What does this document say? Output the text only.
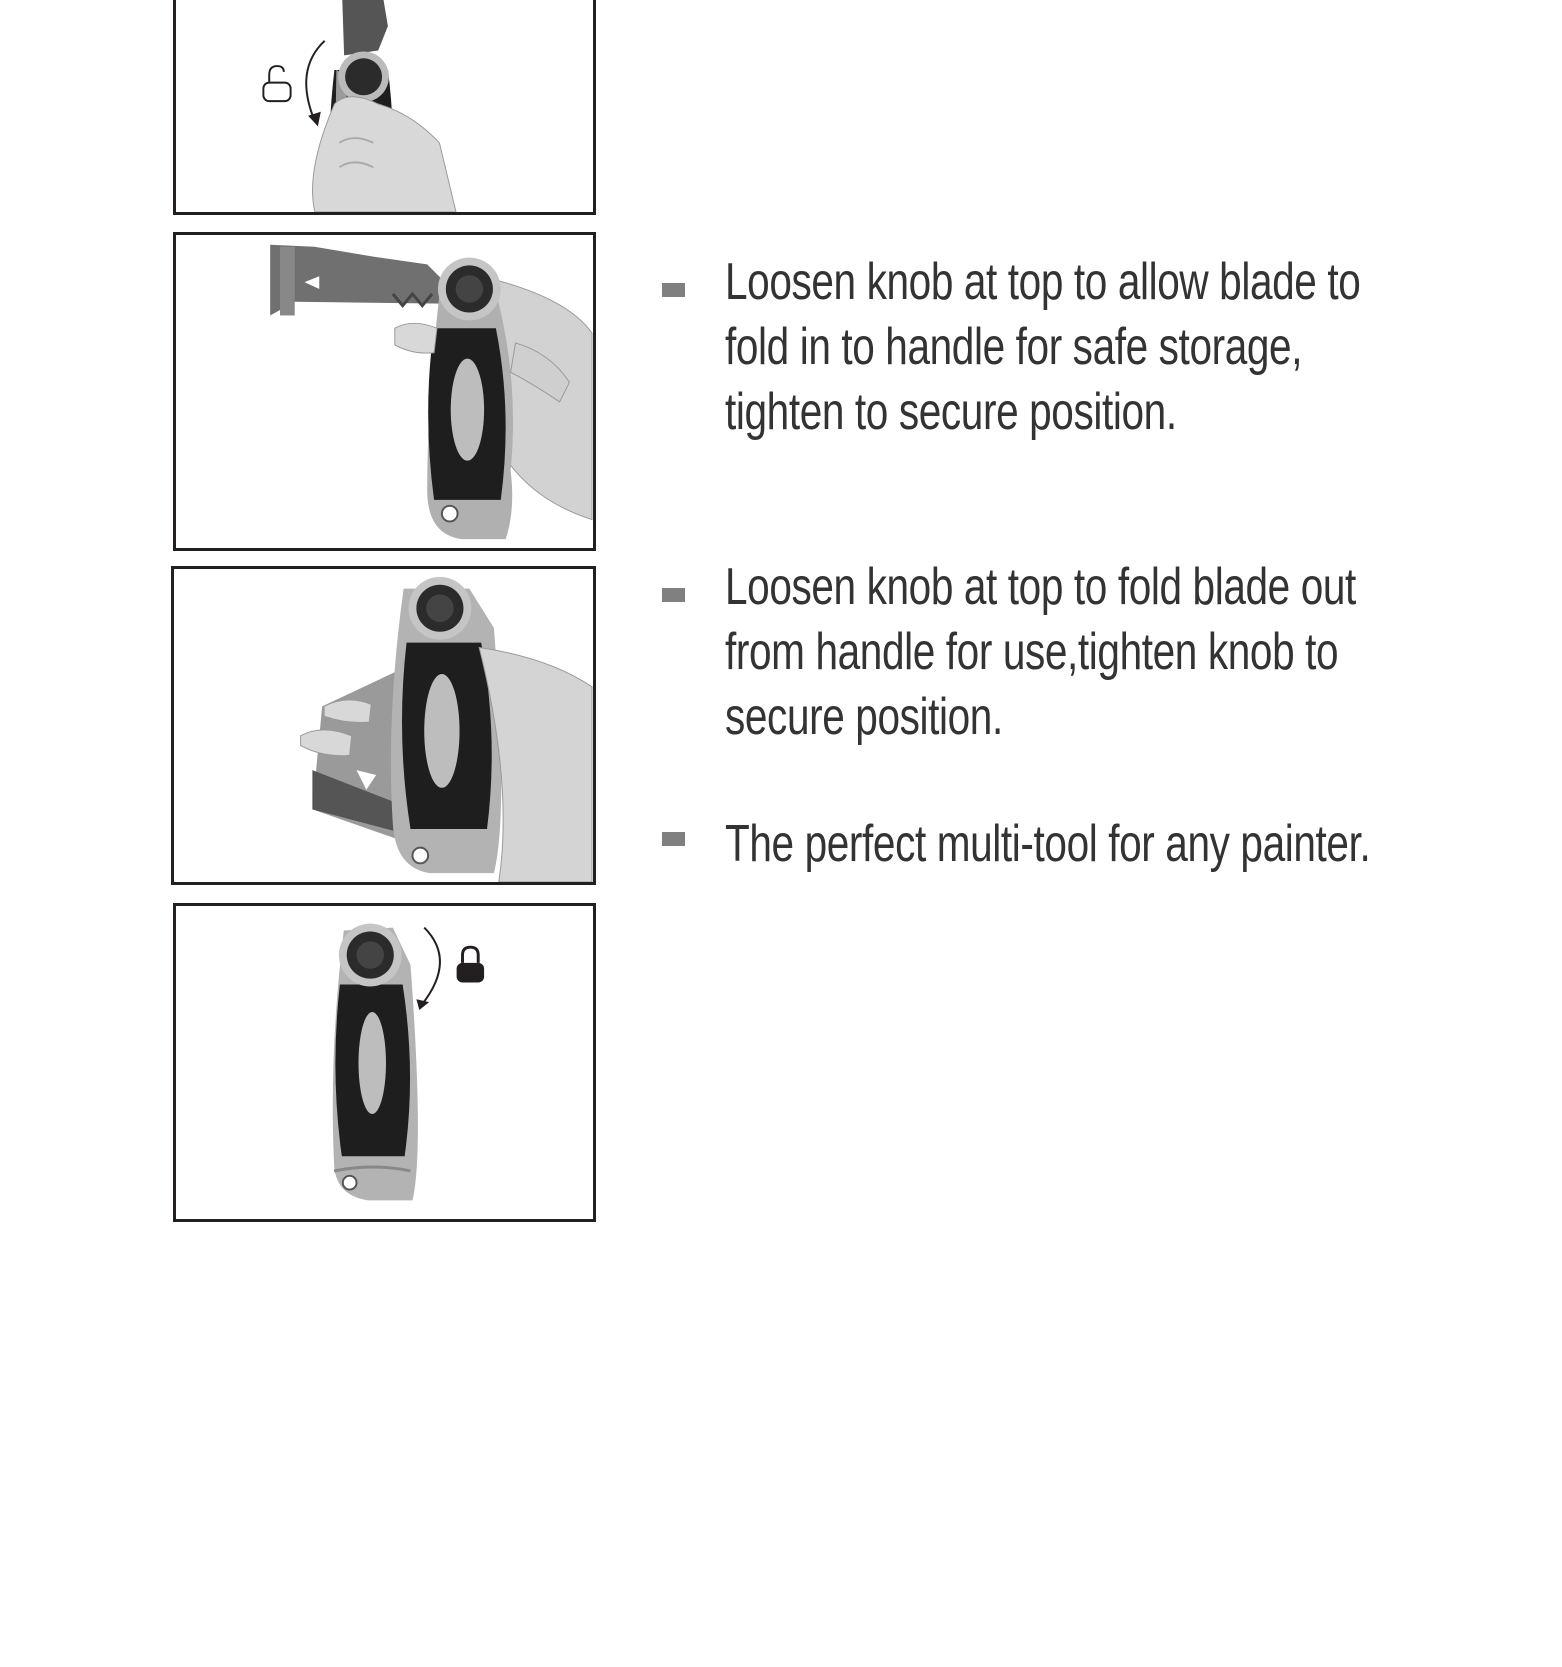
Loosen knob at top to allow blade to
fold in to handle for safe storage,
tighten to secure position.
Loosen knob at top to fold blade out
from handle for use,tighten knob to
secure position.
The perfect multi-tool for any painter.
